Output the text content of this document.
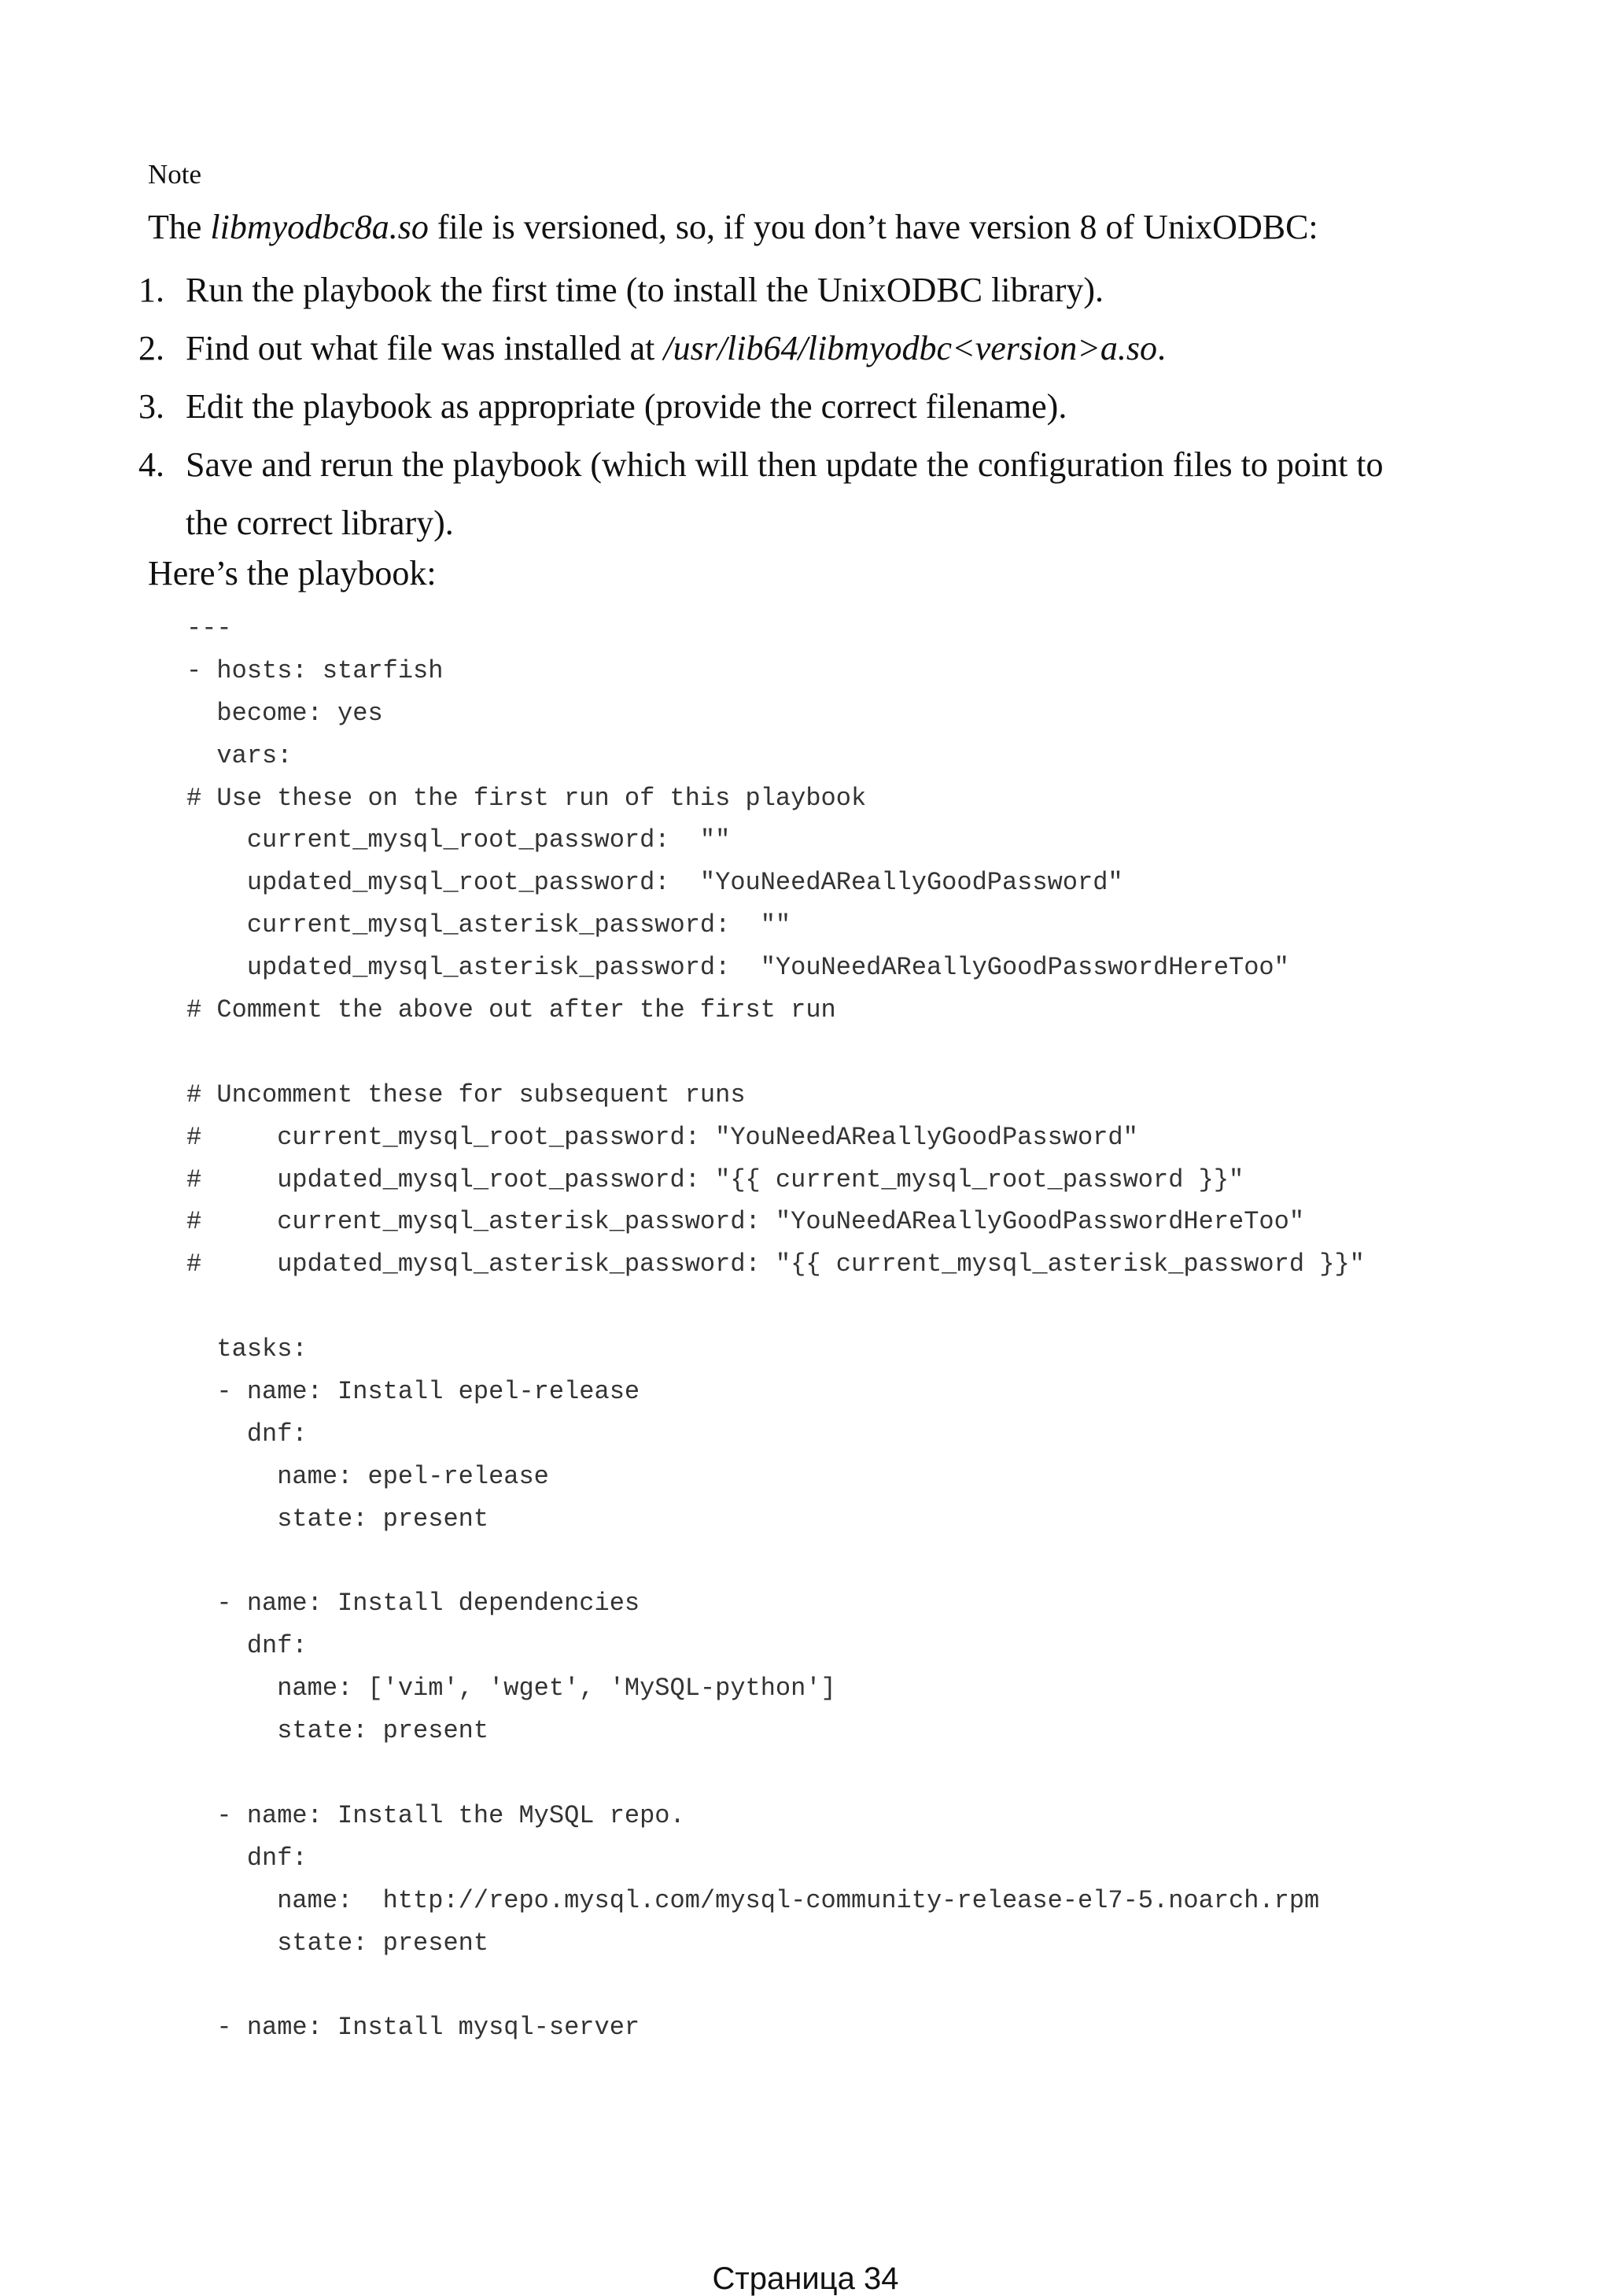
Note
The libmyodbc8a.so file is versioned, so, if you don’t have version 8 of UnixODBC:
1. Run the playbook the first time (to install the UnixODBC library).
2. Find out what file was installed at /usr/lib64/libmyodbc<version>a.so.
3. Edit the playbook as appropriate (provide the correct filename).
4. Save and rerun the playbook (which will then update the configuration files to point to the correct library).
Here’s the playbook:
---
- hosts: starfish
become: yes
vars:
# Use these on the first run of this playbook
current_mysql_root_password:  ""
updated_mysql_root_password:  "YouNeedAReallyGoodPassword"
current_mysql_asterisk_password:  ""
updated_mysql_asterisk_password:  "YouNeedAReallyGoodPasswordHereToo"
# Comment the above out after the first run
# Uncomment these for subsequent runs
#     current_mysql_root_password: "YouNeedAReallyGoodPassword"
#     updated_mysql_root_password: "{{ current_mysql_root_password }}"
#     current_mysql_asterisk_password: "YouNeedAReallyGoodPasswordHereToo"
#     updated_mysql_asterisk_password: "{{ current_mysql_asterisk_password }}"
tasks:
- name: Install epel-release
dnf:
name: epel-release
state: present
- name: Install dependencies
dnf:
name: ['vim', 'wget', 'MySQL-python']
state: present
- name: Install the MySQL repo.
dnf:
name:  http://repo.mysql.com/mysql-community-release-el7-5.noarch.rpm
state: present
- name: Install mysql-server
Страница 34
